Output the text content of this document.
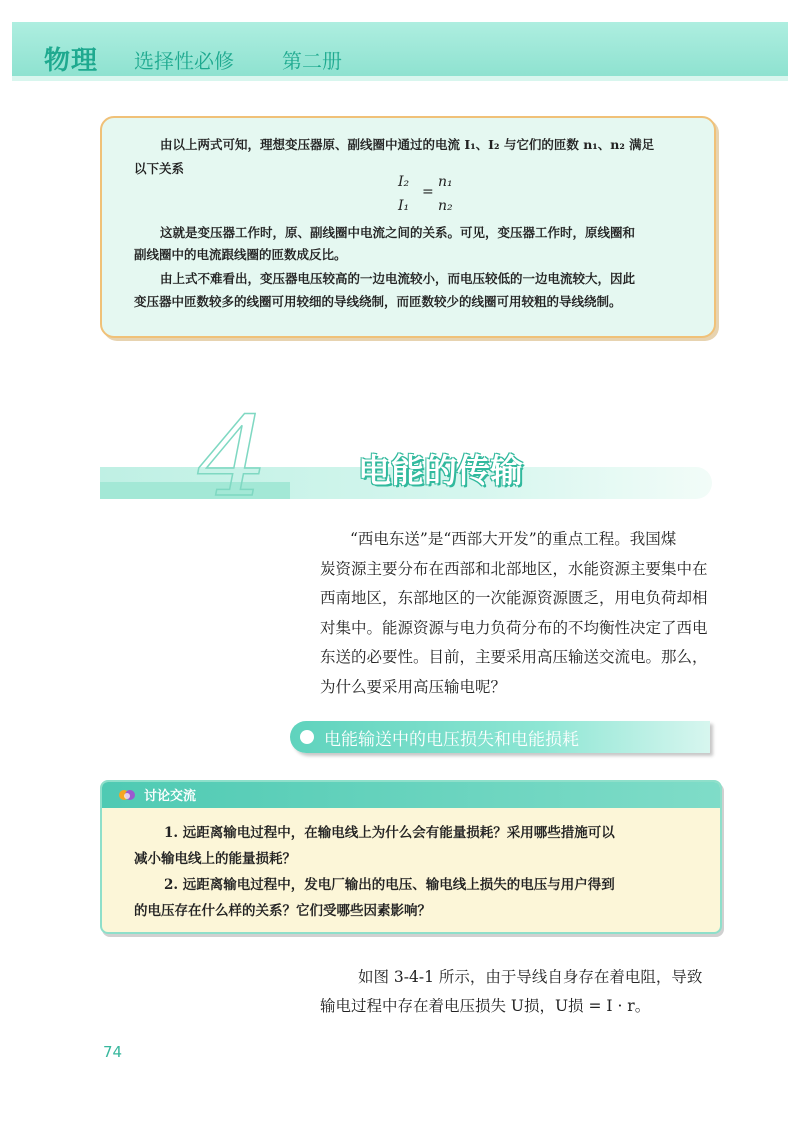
物理 选择性必修 第二册

由以上两式可知，理想变压器原、副线圈中通过的电流 I₁、I₂ 与它们的匝数 n₁、n₂ 满足

以下关系

I₂
=
n₁
I₁ n₂

这就是变压器工作时，原、副线圈中电流之间的关系。可见，变压器工作时，原线圈和

副线圈中的电流跟线圈的匝数成反比。

由上式不难看出，变压器电压较高的一边电流较小，而电压较低的一边电流较大，因此

变压器中匝数较多的线圈可用较细的导线绕制，而匝数较少的线圈可用较粗的导线绕制。

4	电能的传输
“西电东送”是“西部大开发”的重点工程。我国煤
炭资源主要分布在西部和北部地区，水能资源主要集中在
西南地区，东部地区的一次能源资源匮乏，用电负荷却相
对集中。能源资源与电力负荷分布的不均衡性决定了西电
东送的必要性。目前，主要采用高压输送交流电。那么，
为什么要采用高压输电呢？
电能输送中的电压损失和电能损耗
讨论交流

1. 远距离输电过程中，在输电线上为什么会有能量损耗？采用哪些措施可以

减小输电线上的能量损耗？

2. 远距离输电过程中，发电厂输出的电压、输电线上损失的电压与用户得到

的电压存在什么样的关系？它们受哪些因素影响？

如图 3-4-1 所示，由于导线自身存在着电阻，导致
输电过程中存在着电压损失 U损，U损 = I · r。
74
